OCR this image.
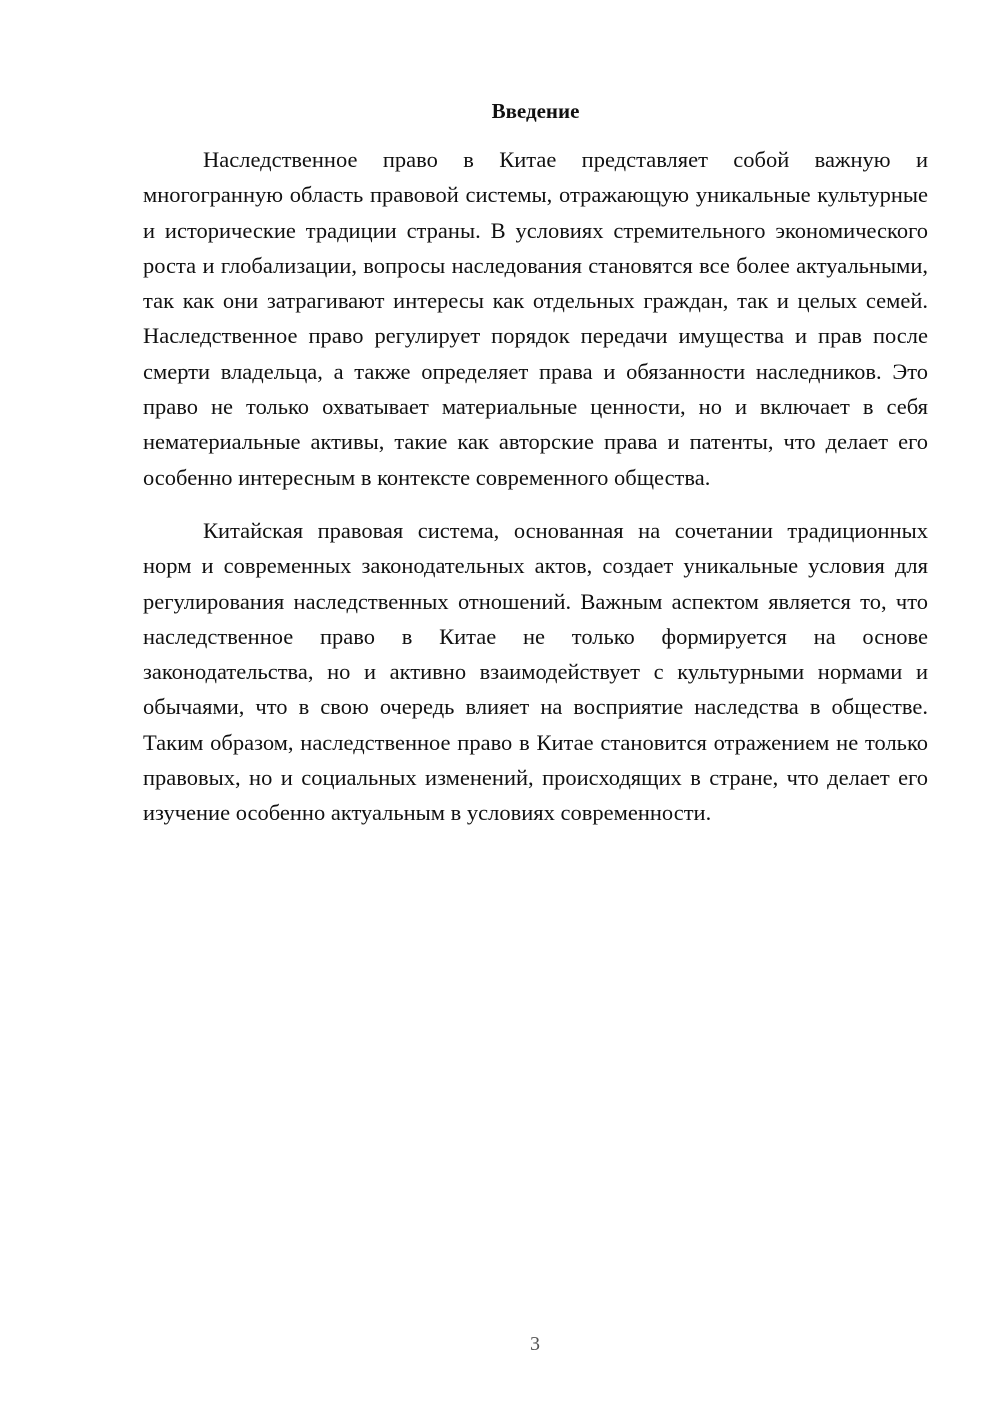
Введение

Наследственное право в Китае представляет собой важную и многогранную область правовой системы, отражающую уникальные культурные и исторические традиции страны. В условиях стремительного экономического роста и глобализации, вопросы наследования становятся все более актуальными, так как они затрагивают интересы как отдельных граждан, так и целых семей. Наследственное право регулирует порядок передачи имущества и прав после смерти владельца, а также определяет права и обязанности наследников. Это право не только охватывает материальные ценности, но и включает в себя нематериальные активы, такие как авторские права и патенты, что делает его особенно интересным в контексте современного общества.

Китайская правовая система, основанная на сочетании традиционных норм и современных законодательных актов, создает уникальные условия для регулирования наследственных отношений. Важным аспектом является то, что наследственное право в Китае не только формируется на основе законодательства, но и активно взаимодействует с культурными нормами и обычаями, что в свою очередь влияет на восприятие наследства в обществе. Таким образом, наследственное право в Китае становится отражением не только правовых, но и социальных изменений, происходящих в стране, что делает его изучение особенно актуальным в условиях современности.

3
